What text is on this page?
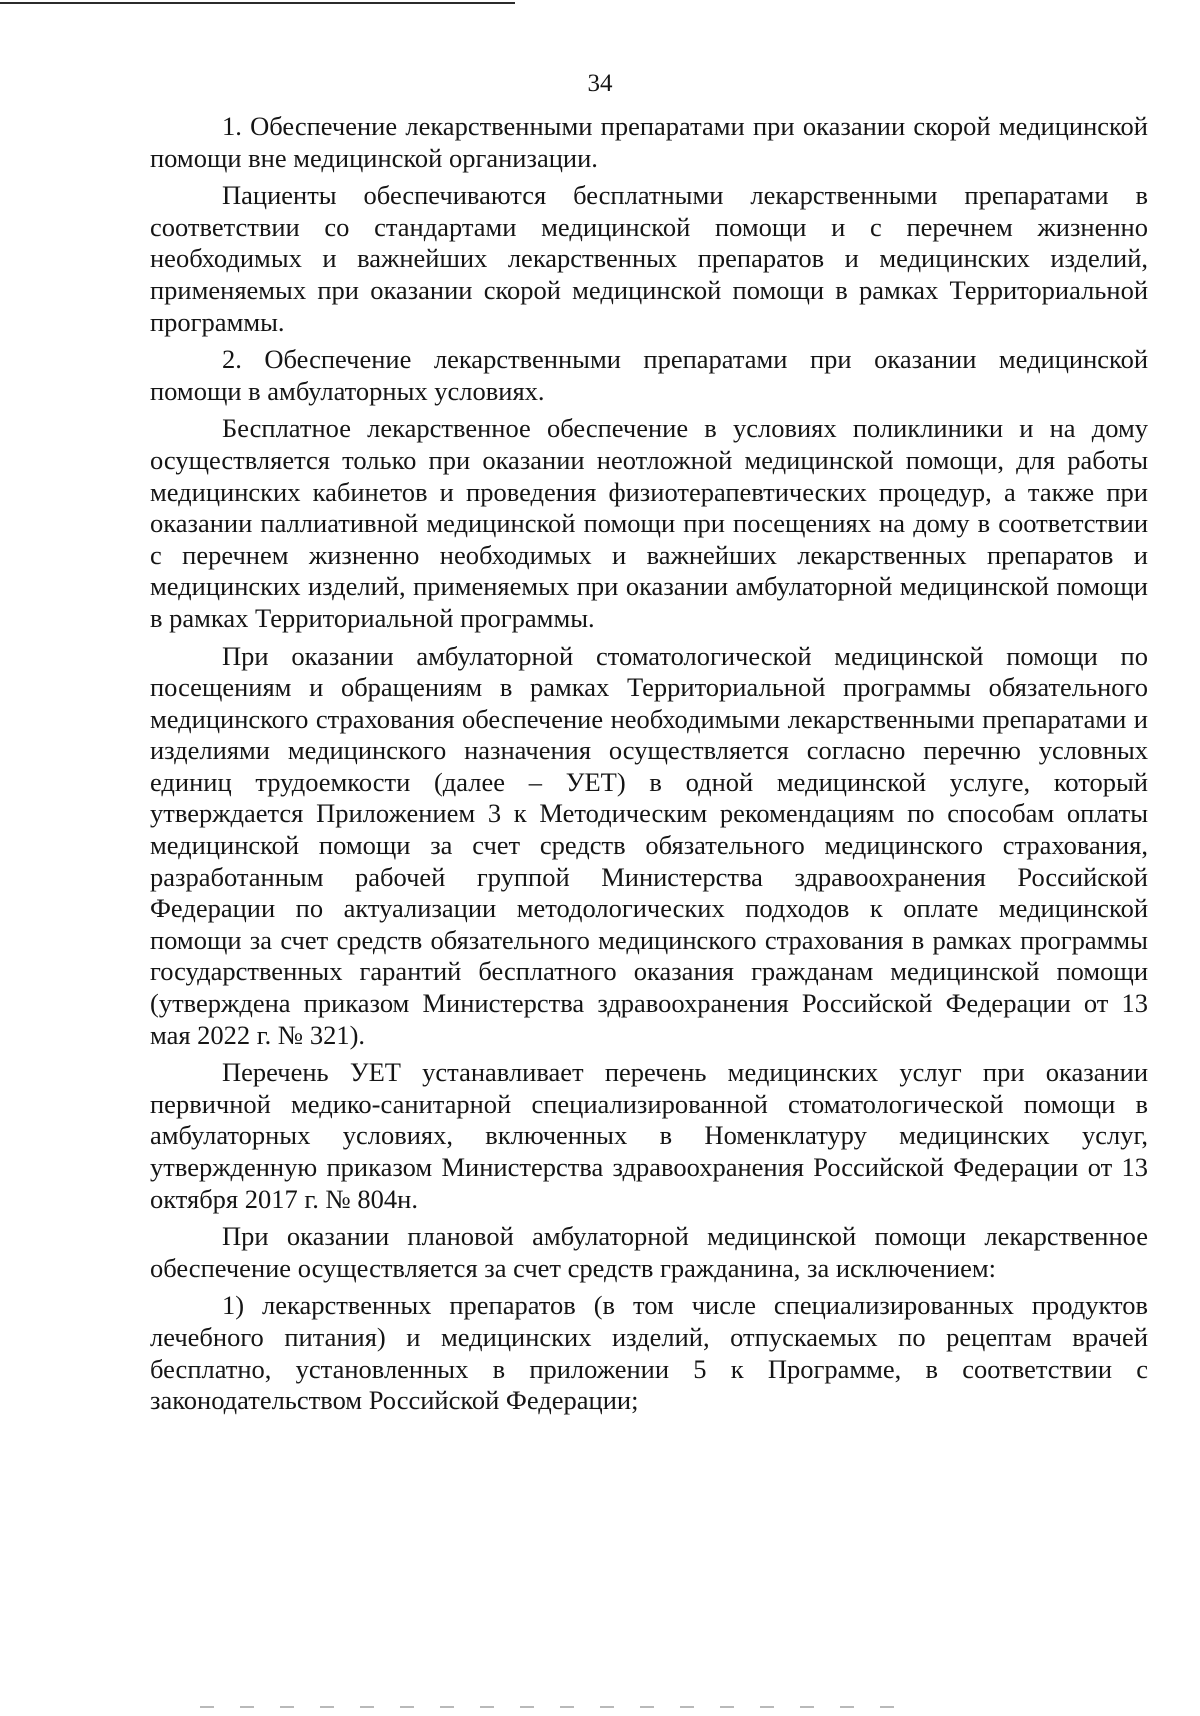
34

1. Обеспечение лекарственными препаратами при оказании скорой медицинской помощи вне медицинской организации.

Пациенты обеспечиваются бесплатными лекарственными препаратами в соответствии со стандартами медицинской помощи и с перечнем жизненно необходимых и важнейших лекарственных препаратов и медицинских изделий, применяемых при оказании скорой медицинской помощи в рамках Территориальной программы.

2. Обеспечение лекарственными препаратами при оказании медицинской помощи в амбулаторных условиях.

Бесплатное лекарственное обеспечение в условиях поликлиники и на дому осуществляется только при оказании неотложной медицинской помощи, для работы медицинских кабинетов и проведения физиотерапевтических процедур, а также при оказании паллиативной медицинской помощи при посещениях на дому в соответствии с перечнем жизненно необходимых и важнейших лекарственных препаратов и медицинских изделий, применяемых при оказании амбулаторной медицинской помощи в рамках Территориальной программы.

При оказании амбулаторной стоматологической медицинской помощи по посещениям и обращениям в рамках Территориальной программы обязательного медицинского страхования обеспечение необходимыми лекарственными препаратами и изделиями медицинского назначения осуществляется согласно перечню условных единиц трудоемкости (далее – УЕТ) в одной медицинской услуге, который утверждается Приложением 3 к Методическим рекомендациям по способам оплаты медицинской помощи за счет средств обязательного медицинского страхования, разработанным рабочей группой Министерства здравоохранения Российской Федерации по актуализации методологических подходов к оплате медицинской помощи за счет средств обязательного медицинского страхования в рамках программы государственных гарантий бесплатного оказания гражданам медицинской помощи (утверждена приказом Министерства здравоохранения Российской Федерации от 13 мая 2022 г. № 321).

Перечень УЕТ устанавливает перечень медицинских услуг при оказании первичной медико-санитарной специализированной стоматологической помощи в амбулаторных условиях, включенных в Номенклатуру медицинских услуг, утвержденную приказом Министерства здравоохранения Российской Федерации от 13 октября 2017 г. № 804н.

При оказании плановой амбулаторной медицинской помощи лекарственное обеспечение осуществляется за счет средств гражданина, за исключением:

1) лекарственных препаратов (в том числе специализированных продуктов лечебного питания) и медицинских изделий, отпускаемых по рецептам врачей бесплатно, установленных в приложении 5 к Программе, в соответствии с законодательством Российской Федерации;
